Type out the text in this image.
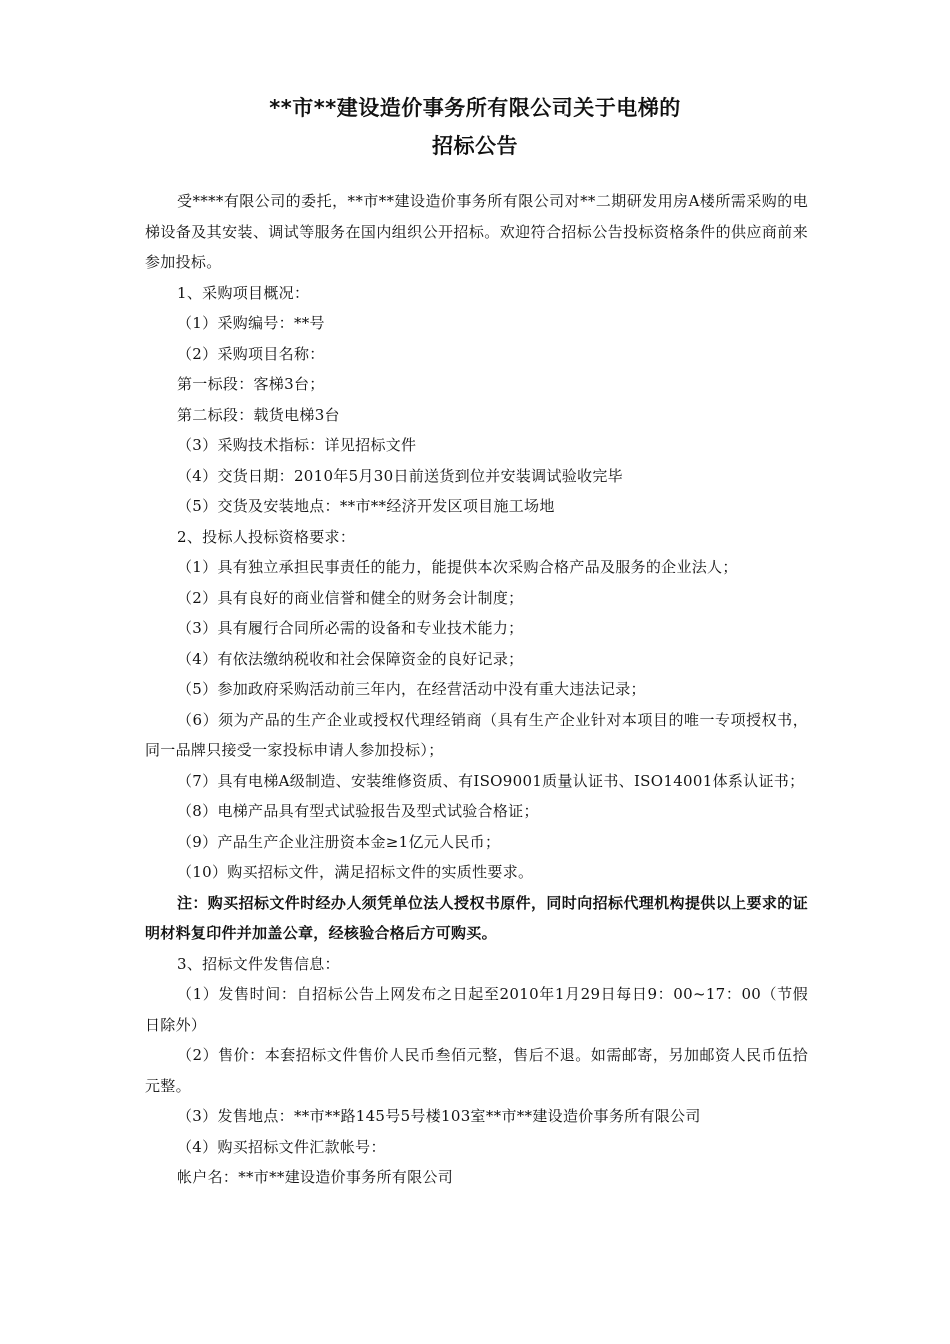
**市**建设造价事务所有限公司关于电梯的
招标公告

受****有限公司的委托，**市**建设造价事务所有限公司对**二期研发用房A楼所需采购的电梯设备及其安装、调试等服务在国内组织公开招标。欢迎符合招标公告投标资格条件的供应商前来参加投标。

1、采购项目概况：

（1）采购编号：**号

（2）采购项目名称：

第一标段：客梯3台；

第二标段：载货电梯3台

（3）采购技术指标：详见招标文件

（4）交货日期：2010年5月30日前送货到位并安装调试验收完毕

（5）交货及安装地点：**市**经济开发区项目施工场地

2、投标人投标资格要求：

（1）具有独立承担民事责任的能力，能提供本次采购合格产品及服务的企业法人；

（2）具有良好的商业信誉和健全的财务会计制度；

（3）具有履行合同所必需的设备和专业技术能力；

（4）有依法缴纳税收和社会保障资金的良好记录；

（5）参加政府采购活动前三年内，在经营活动中没有重大违法记录；

（6）须为产品的生产企业或授权代理经销商（具有生产企业针对本项目的唯一专项授权书，同一品牌只接受一家投标申请人参加投标）；

（7）具有电梯A级制造、安装维修资质、有ISO9001质量认证书、ISO14001体系认证书；

（8）电梯产品具有型式试验报告及型式试验合格证；

（9）产品生产企业注册资本金≥1亿元人民币；

（10）购买招标文件，满足招标文件的实质性要求。

注：购买招标文件时经办人须凭单位法人授权书原件，同时向招标代理机构提供以上要求的证明材料复印件并加盖公章，经核验合格后方可购买。

3、招标文件发售信息：

（1）发售时间：自招标公告上网发布之日起至2010年1月29日每日9：00~17：00（节假日除外）

（2）售价：本套招标文件售价人民币叁佰元整，售后不退。如需邮寄，另加邮资人民币伍拾元整。

（3）发售地点：**市**路145号5号楼103室**市**建设造价事务所有限公司

（4）购买招标文件汇款帐号：

帐户名：**市**建设造价事务所有限公司
